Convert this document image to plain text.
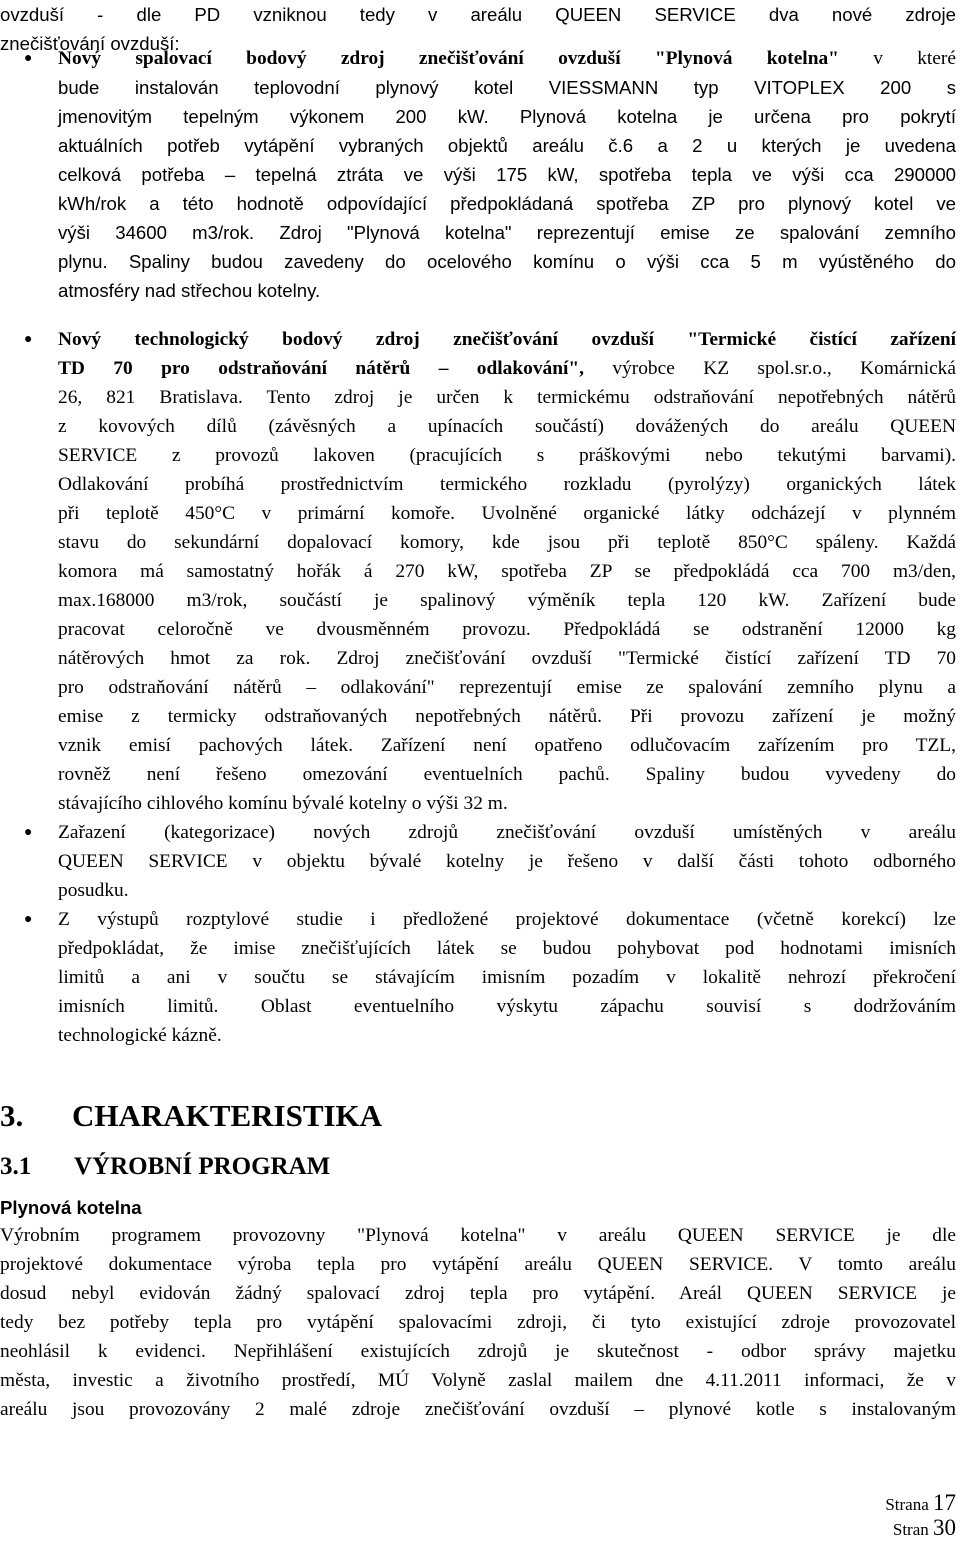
ovzduší - dle PD vzniknou tedy v areálu QUEEN SERVICE dva nové zdroje
znečišťování ovzduší:
● Nový spalovací bodový zdroj znečišťování ovzduší "Plynová kotelna" v které
bude instalován teplovodní plynový kotel VIESSMANN typ VITOPLEX 200 s
jmenovitým tepelným výkonem 200 kW. Plynová kotelna je určena pro pokrytí
aktuálních potřeb vytápění vybraných objektů areálu č.6 a 2 u kterých je uvedena
celková potřeba – tepelná ztráta ve výši 175 kW, spotřeba tepla ve výši cca 290000
kWh/rok a této hodnotě odpovídající předpokládaná spotřeba ZP pro plynový kotel ve
výši 34600 m3/rok. Zdroj "Plynová kotelna" reprezentují emise ze spalování zemního
plynu. Spaliny budou zavedeny do ocelového komínu o výši cca 5 m vyústěného do
atmosféry nad střechou kotelny.
● Nový technologický bodový zdroj znečišťování ovzduší "Termické čistící zařízení
TD 70 pro odstraňování nátěrů – odlakování", výrobce KZ spol.sr.o., Komárnická
26, 821 Bratislava. Tento zdroj je určen k termickému odstraňování nepotřebných nátěrů
z kovových dílů (závěsných a upínacích součástí) dovážených do areálu QUEEN
SERVICE z provozů lakoven (pracujících s práškovými nebo tekutými barvami).
Odlakování probíhá prostřednictvím termického rozkladu (pyrolýzy) organických látek
při teplotě 450°C v primární komoře. Uvolněné organické látky odcházejí v plynném
stavu do sekundární dopalovací komory, kde jsou při teplotě 850°C spáleny. Každá
komora má samostatný hořák á 270 kW, spotřeba ZP se předpokládá cca 700 m3/den,
max.168000 m3/rok, součástí je spalinový výměník tepla 120 kW. Zařízení bude
pracovat celoročně ve dvousměnném provozu. Předpokládá se odstranění 12000 kg
nátěrových hmot za rok. Zdroj znečišťování ovzduší "Termické čistící zařízení TD 70
pro odstraňování nátěrů – odlakování" reprezentují emise ze spalování zemního plynu a
emise z termicky odstraňovaných nepotřebných nátěrů. Při provozu zařízení je možný
vznik emisí pachových látek. Zařízení není opatřeno odlučovacím zařízením pro TZL,
rovněž není řešeno omezování eventuelních pachů. Spaliny budou vyvedeny do
stávajícího cihlového komínu bývalé kotelny o výši 32 m.
● Zařazení (kategorizace) nových zdrojů znečišťování ovzduší umístěných v areálu
QUEEN SERVICE v objektu bývalé kotelny je řešeno v další části tohoto odborného
posudku.
● Z výstupů rozptylové studie i předložené projektové dokumentace (včetně korekcí) lze
předpokládat, že imise znečišťujících látek se budou pohybovat pod hodnotami imisních
limitů a ani v součtu se stávajícím imisním pozadím v lokalitě nehrozí překročení
imisních limitů. Oblast eventuelního výskytu zápachu souvisí s dodržováním
technologické kázně.
3. CHARAKTERISTIKA
3.1 VÝROBNÍ PROGRAM
Plynová kotelna
Výrobním programem provozovny "Plynová kotelna" v areálu QUEEN SERVICE je dle
projektové dokumentace výroba tepla pro vytápění areálu QUEEN SERVICE. V tomto areálu
dosud nebyl evidován žádný spalovací zdroj tepla pro vytápění. Areál QUEEN SERVICE je
tedy bez potřeby tepla pro vytápění spalovacími zdroji, či tyto existující zdroje provozovatel
neohlásil k evidenci. Nepřihlášení existujících zdrojů je skutečnost - odbor správy majetku
města, investic a životního prostředí, MÚ Volyně zaslal mailem dne 4.11.2011 informaci, že v
areálu jsou provozovány 2 malé zdroje znečišťování ovzduší – plynové kotle s instalovaným
Strana 17
Stran 30
